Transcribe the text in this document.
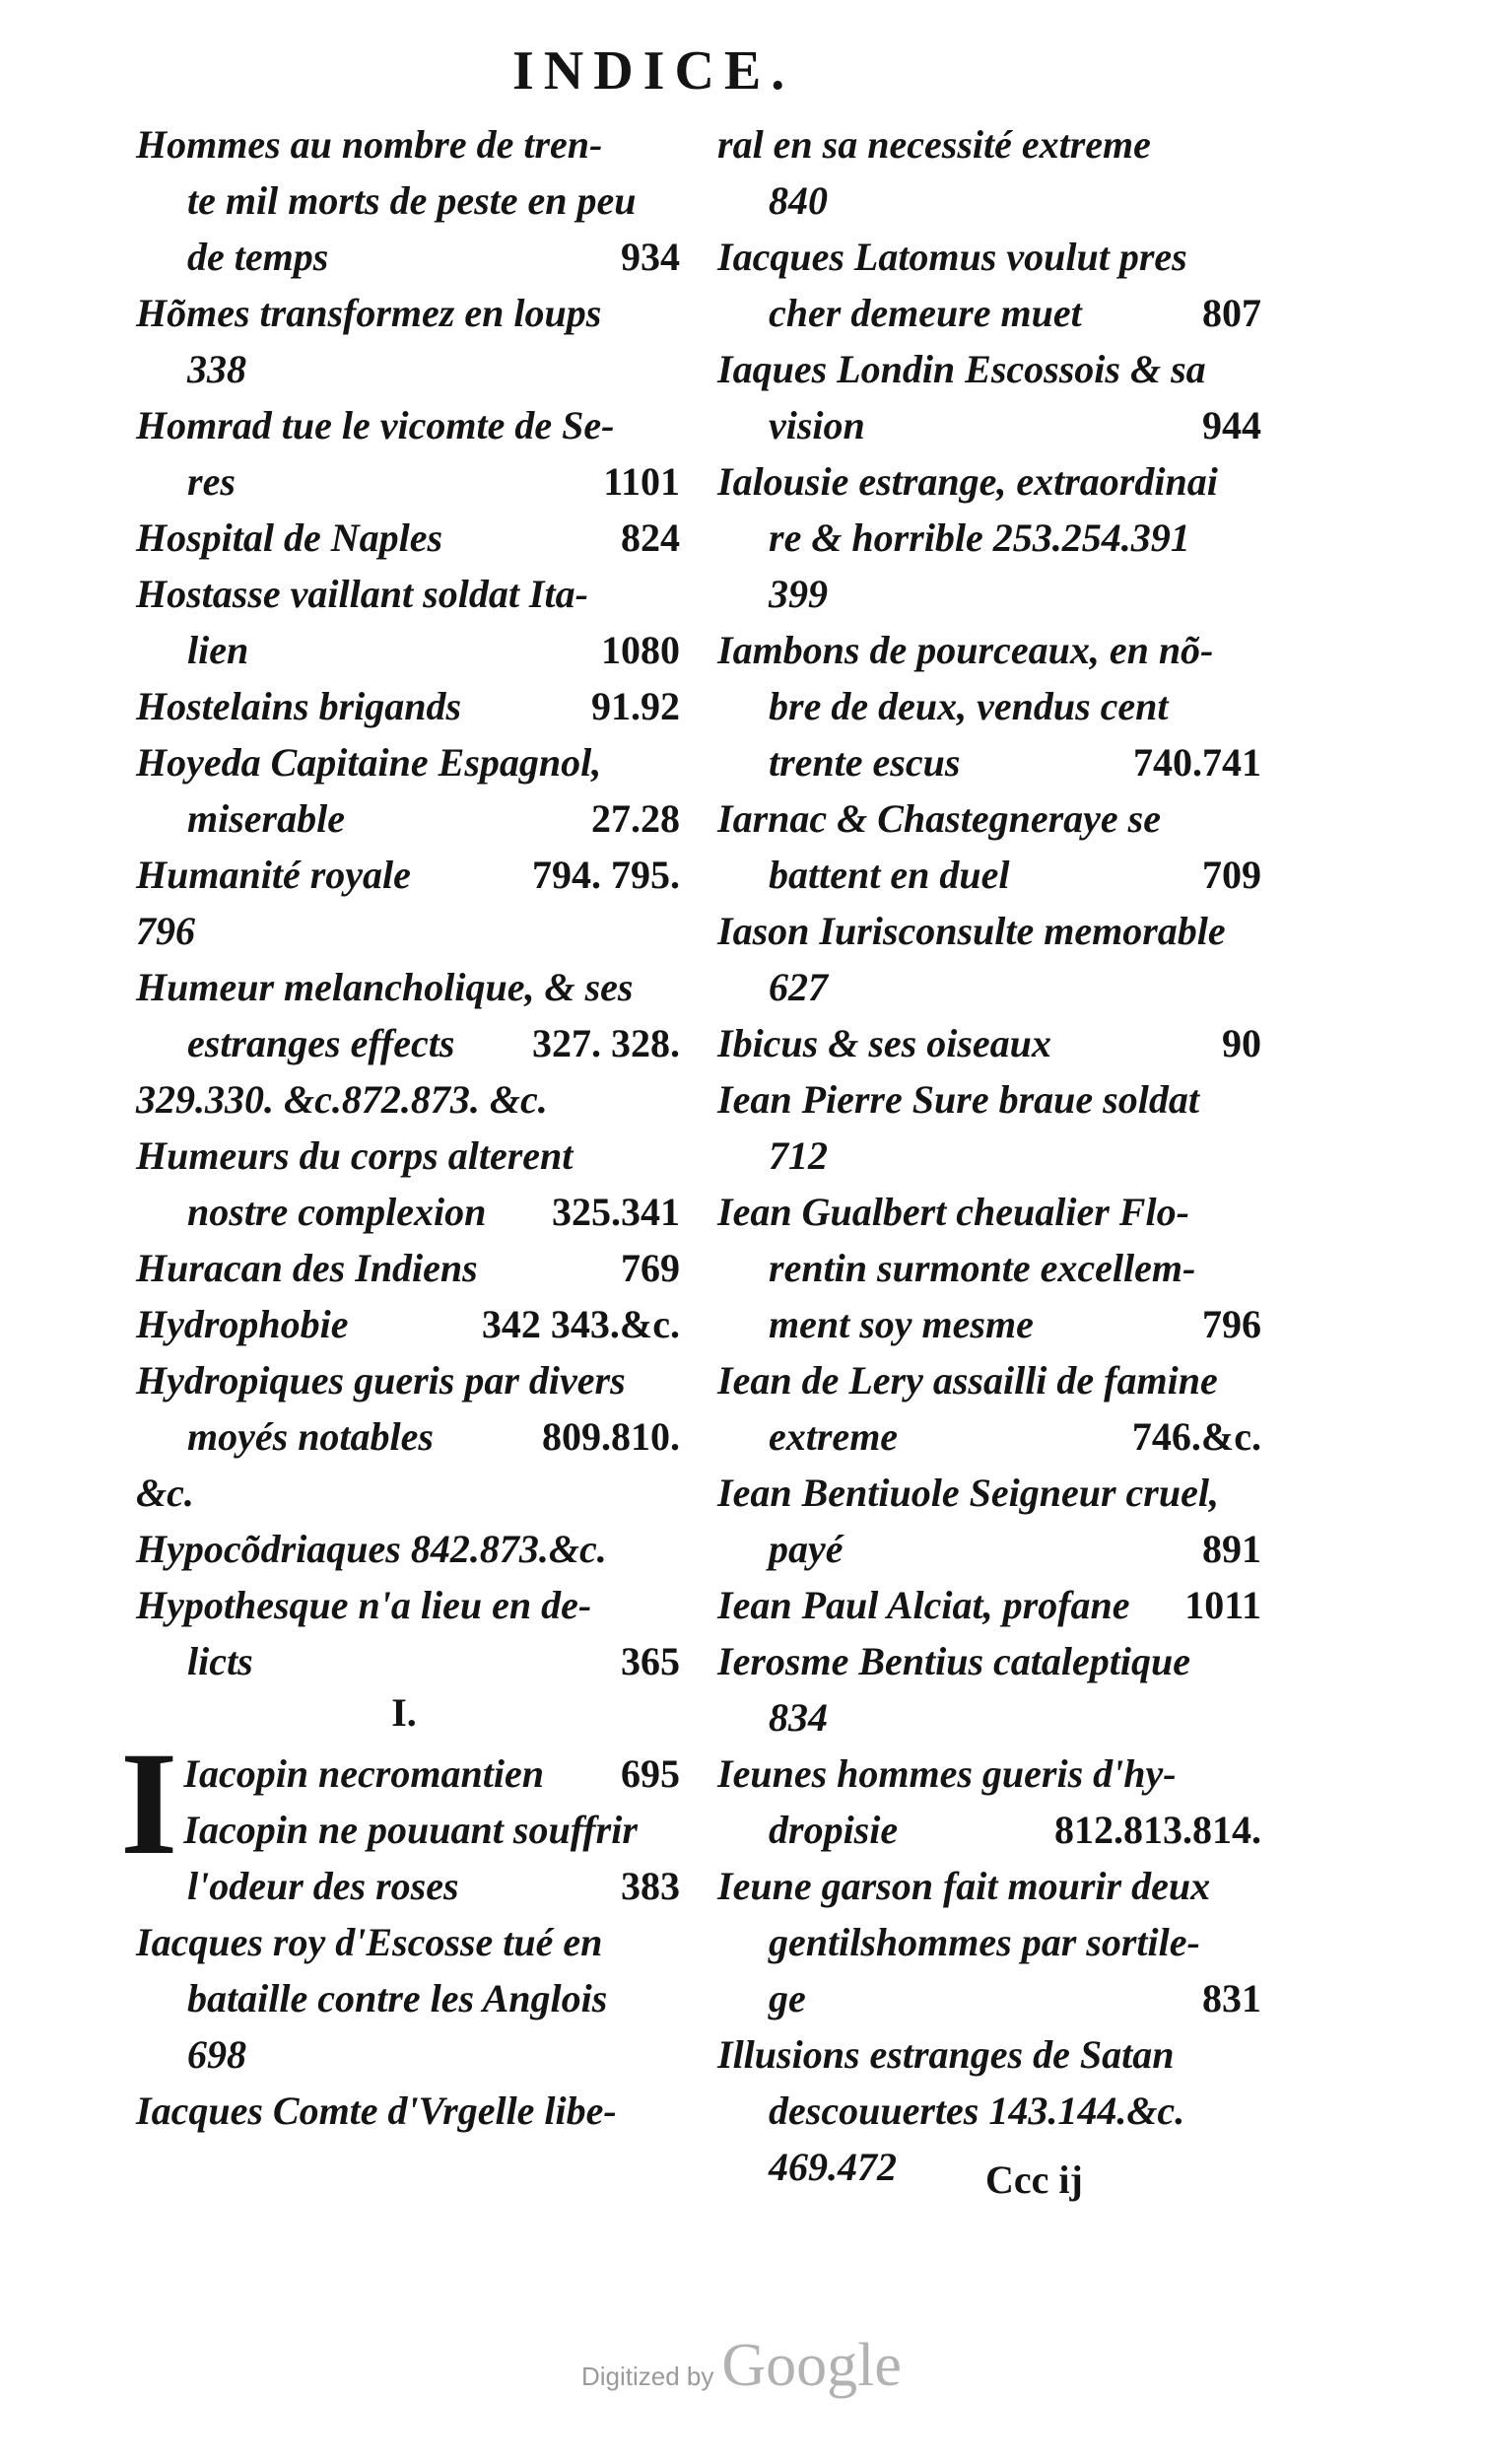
INDICE.
Hommes au nombre de tren-
te mil morts de peste en peu
de temps	934
Hõmes transformez en loups
338
Homrad tue le vicomte de Se-
res	1101
Hospital de Naples	824
Hostasse vaillant soldat Ita-
lien	1080
Hostelains brigands	91.92
Hoyeda Capitaine Espagnol,
miserable	27.28
Humanité royale	794. 795.
796
Humeur melancholique, & ses
estranges effects	327. 328.
329.330. &c.872.873. &c.
Humeurs du corps alterent
nostre complexion	325.341
Huracan des Indiens	769
Hydrophobie	342 343.&c.
Hydropiques gueris par divers
moyés notables	809.810.
&c.
Hypocõdriaques 842.873.&c.
Hypothesque n'a lieu en de-
licts	365
I.
I Iacopin necromantien	695
Iacopin ne pouuant souffrir
l'odeur des roses	383
Iacques roy d'Escosse tué en
bataille contre les Anglois
698
Iacques Comte d'Vrgelle libe-
ral en sa necessité extreme
840
Iacques Latomus voulut pres
cher demeure muet	807
Iaques Londin Escossois & sa
vision	944
Ialousie estrange, extraordinai
re & horrible 253.254.391
399
Iambons de pourceaux, en nõ-
bre de deux, vendus cent
trente escus	740.741
Iarnac & Chastegneraye se
battent en duel	709
Iason Iurisconsulte memorable
627
Ibicus & ses oiseaux	90
Iean Pierre Sure braue soldat
712
Iean Gualbert cheualier Flo-
rentin surmonte excellem-
ment soy mesme	796
Iean de Lery assailli de famine
extreme	746.&c.
Iean Bentiuole Seigneur cruel,
payé	891
Iean Paul Alciat, profane	1011
Ierosme Bentius cataleptique
834
Ieunes hommes gueris d'hy-
dropisie	812.813.814.
Ieune garson fait mourir deux
gentilshommes par sortile-
ge	831
Illusions estranges de Satan
descouuertes 143.144.&c.
469.472	Ccc ij
Digitized by Google
